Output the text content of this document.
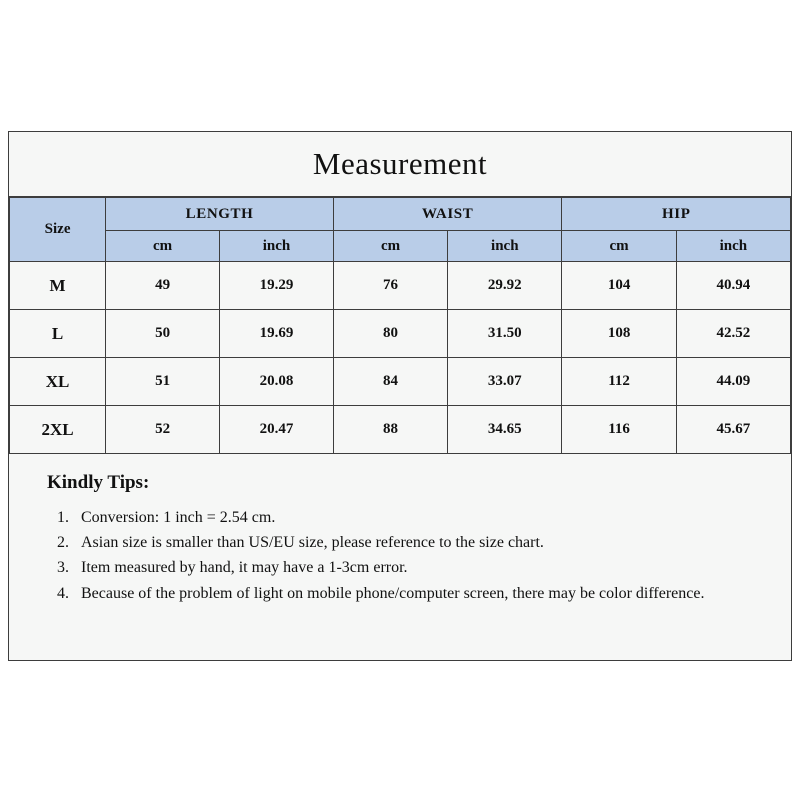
Measurement
Size	LENGTH		WAIST		HIP	
	cm	inch	cm	inch	cm	inch
M	49	19.29	76	29.92	104	40.94
L	50	19.69	80	31.50	108	42.52
XL	51	20.08	84	33.07	112	44.09
2XL	52	20.47	88	34.65	116	45.67
Kindly Tips:
1. Conversion: 1 inch = 2.54 cm.
2. Asian size is smaller than US/EU size, please reference to the size chart.
3. Item measured by hand, it may have a 1-3cm error.
4. Because of the problem of light on mobile phone/computer screen, there may be color difference.
